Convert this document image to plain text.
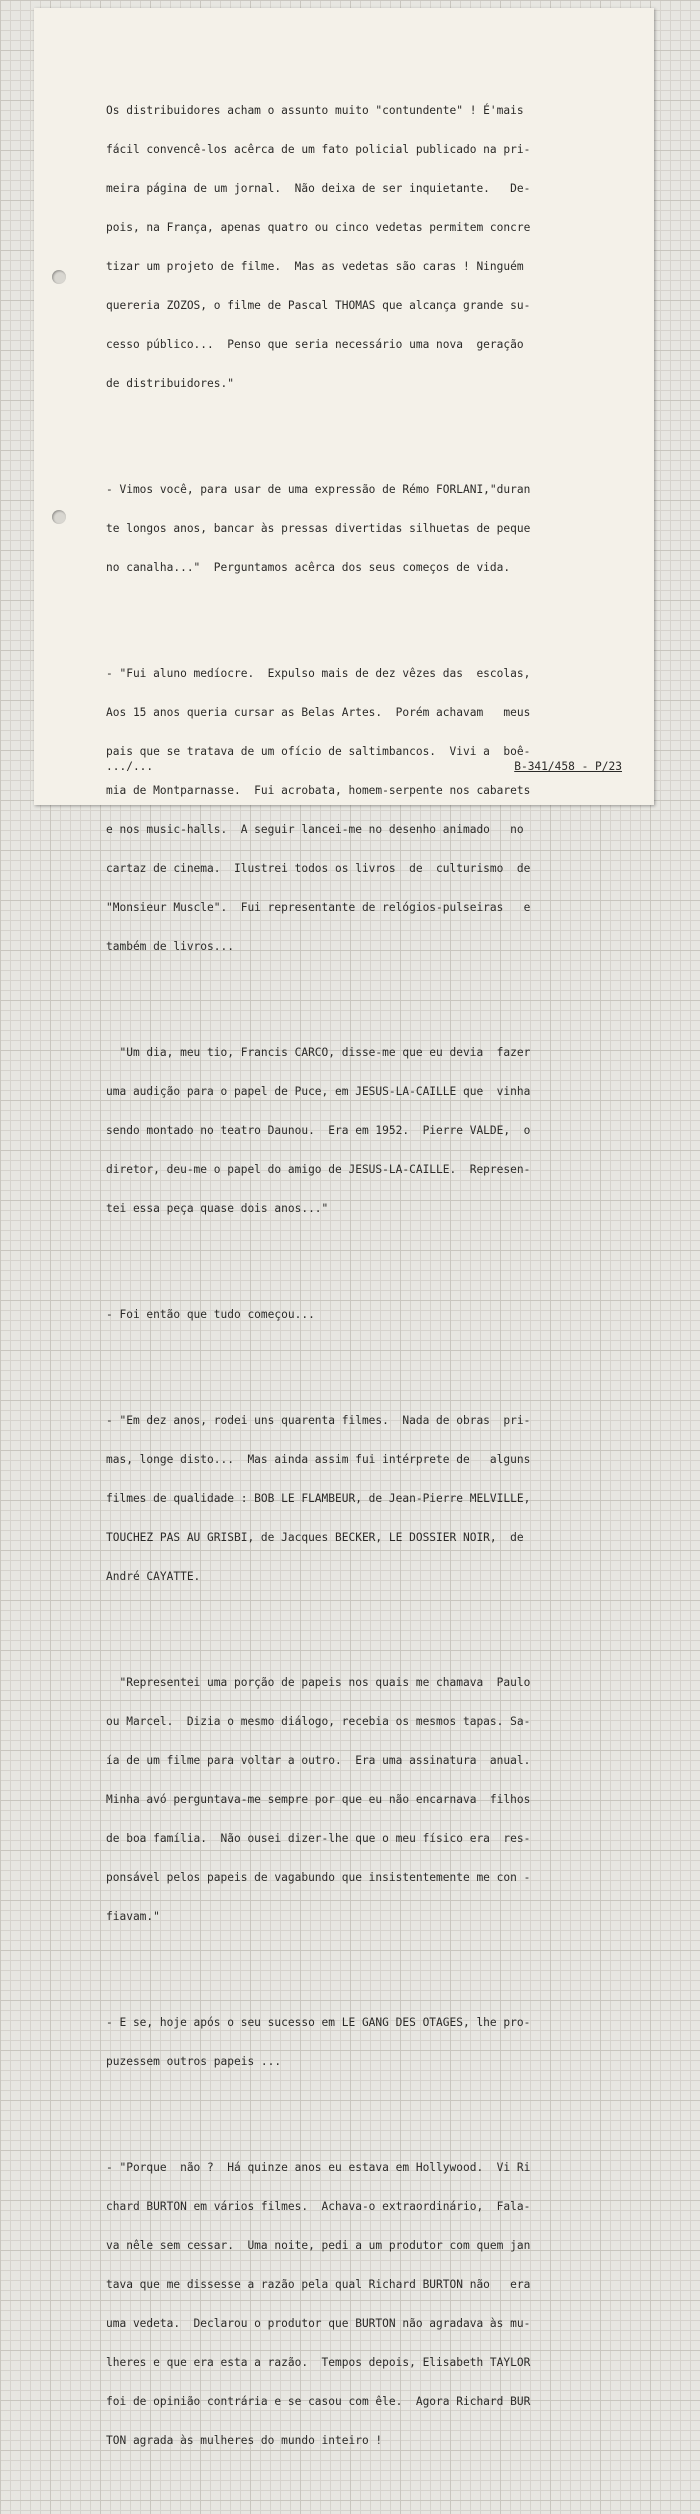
Os distribuidores acham o assunto muito "contundente" ! É'mais

fácil convencê-los acêrca de um fato policial publicado na pri-

meira página de um jornal.  Não deixa de ser inquietante.   De-

pois, na França, apenas quatro ou cinco vedetas permitem concre

tizar um projeto de filme.  Mas as vedetas são caras ! Ninguém

quereria ZOZOS, o filme de Pascal THOMAS que alcança grande su-

cesso público...  Penso que seria necessário uma nova  geração

de distribuidores."

- Vimos você, para usar de uma expressão de Rémo FORLANI,"duran

te longos anos, bancar às pressas divertidas silhuetas de peque

no canalha..."  Perguntamos acêrca dos seus começos de vida.

- "Fui aluno medíocre.  Expulso mais de dez vêzes das  escolas,

Aos 15 anos queria cursar as Belas Artes.  Porém achavam   meus

pais que se tratava de um ofício de saltimbancos.  Vivi a  boê-

mia de Montparnasse.  Fui acrobata, homem-serpente nos cabarets

e nos music-halls.  A seguir lancei-me no desenho animado   no

cartaz de cinema.  Ilustrei todos os livros  de  culturismo  de

"Monsieur Muscle".  Fui representante de relógios-pulseiras   e

também de livros...

"Um dia, meu tio, Francis CARCO, disse-me que eu devia  fazer

uma audição para o papel de Puce, em JESUS-LA-CAILLE que  vinha

sendo montado no teatro Daunou.  Era em 1952.  Pierre VALDE,  o

diretor, deu-me o papel do amigo de JESUS-LA-CAILLE.  Represen-

tei essa peça quase dois anos..."

- Foi então que tudo começou...

- "Em dez anos, rodei uns quarenta filmes.  Nada de obras  pri-

mas, longe disto...  Mas ainda assim fui intérprete de   alguns

filmes de qualidade : BOB LE FLAMBEUR, de Jean-Pierre MELVILLE,

TOUCHEZ PAS AU GRISBI, de Jacques BECKER, LE DOSSIER NOIR,  de

André CAYATTE.

"Representei uma porção de papeis nos quais me chamava  Paulo

ou Marcel.  Dizia o mesmo diálogo, recebia os mesmos tapas. Sa-

ía de um filme para voltar a outro.  Era uma assinatura  anual.

Minha avó perguntava-me sempre por que eu não encarnava  filhos

de boa família.  Não ousei dizer-lhe que o meu físico era  res-

ponsável pelos papeis de vagabundo que insistentemente me con -

fiavam."

- E se, hoje após o seu sucesso em LE GANG DES OTAGES, lhe pro-

puzessem outros papeis ...

- "Porque  não ?  Há quinze anos eu estava em Hollywood.  Vi Ri

chard BURTON em vários filmes.  Achava-o extraordinário,  Fala-

va nêle sem cessar.  Uma noite, pedi a um produtor com quem jan

tava que me dissesse a razão pela qual Richard BURTON não   era

uma vedeta.  Declarou o produtor que BURTON não agradava às mu-

lheres e que era esta a razão.  Tempos depois, Elisabeth TAYLOR

foi de opinião contrária e se casou com êle.  Agora Richard BUR

TON agrada às mulheres do mundo inteiro !

.../...	B-341/458 - P/23
